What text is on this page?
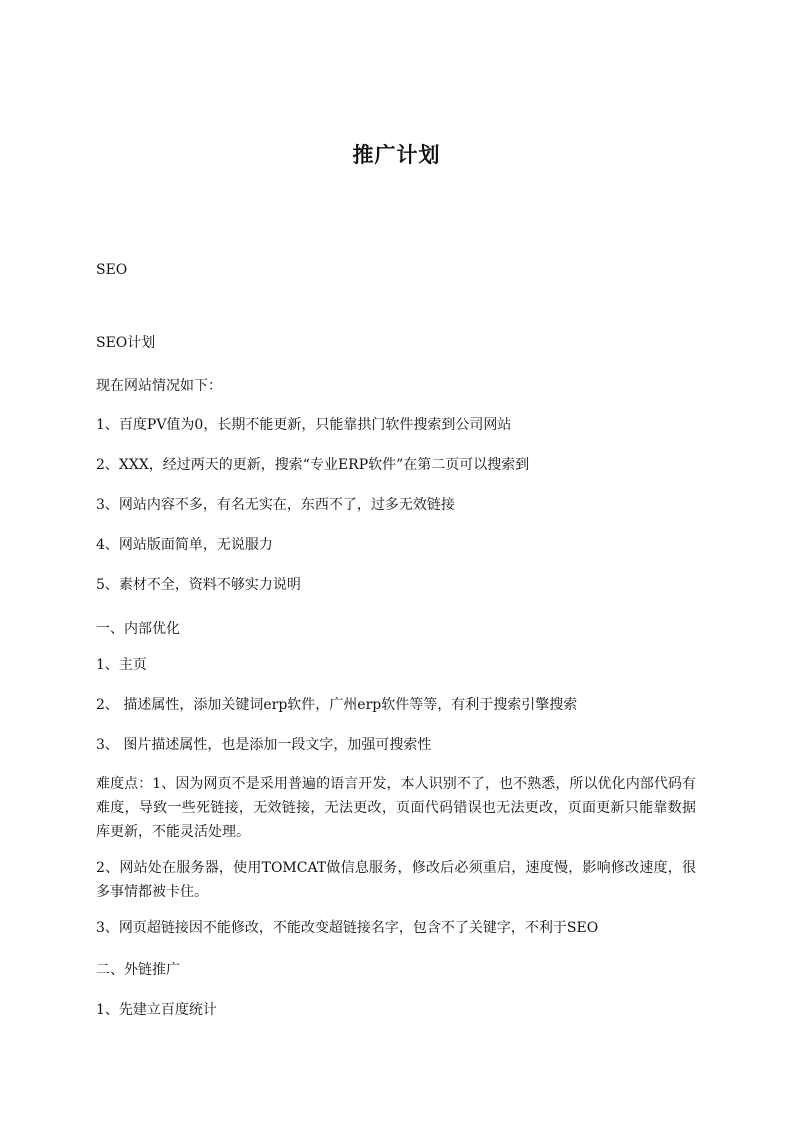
推广计划
SEO
SEO计划
现在网站情况如下：
1、百度PV值为0，长期不能更新，只能靠拱门软件搜索到公司网站
2、XXX，经过两天的更新，搜索“专业ERP软件”在第二页可以搜索到
3、网站内容不多，有名无实在，东西不了，过多无效链接
4、网站版面简单，无说服力
5、素材不全，资料不够实力说明
一、内部优化
1、主页
2、 描述属性，添加关键词erp软件，广州erp软件等等，有利于搜索引擎搜索
3、 图片描述属性，也是添加一段文字，加强可搜索性
难度点：1、因为网页不是采用普遍的语言开发，本人识别不了，也不熟悉，所以优化内部代码有难度，导致一些死链接，无效链接，无法更改，页面代码错误也无法更改，页面更新只能靠数据库更新，不能灵活处理。
2、网站处在服务器，使用TOMCAT做信息服务，修改后必须重启，速度慢，影响修改速度，很多事情都被卡住。
3、网页超链接因不能修改，不能改变超链接名字，包含不了关键字，不利于SEO
二、外链推广
1、先建立百度统计
